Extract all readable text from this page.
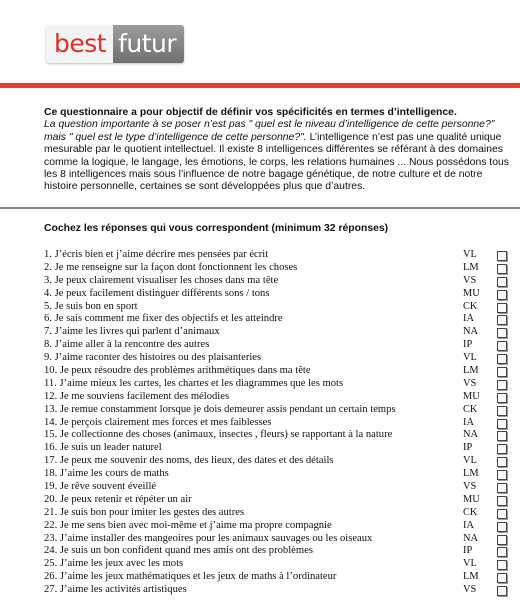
best futur

Ce questionnaire a pour objectif de définir vos spécificités en termes d’intelligence.

La question importante à se poser n’est pas " quel est le niveau d’intelligence de cette personne?" mais " quel est le type d’intelligence de cette personne?". L’intelligence n’est pas une qualité unique mesurable par le quotient intellectuel. Il existe 8 intelligences différentes se référant à des domaines comme la logique, le langage, les émotions, le corps, les relations humaines ... Nous possédons tous les 8 intelligences mais sous l’influence de notre bagage génétique, de notre culture et de notre histoire personnelle, certaines se sont développées plus que d’autres.

Cochez les réponses qui vous correspondent (minimum 32 réponses)
1. J’écris bien et j’aime décrire mes pensées par écrit	VL
2. Je me renseigne sur la façon dont fonctionnent les choses	LM
3. Je peux clairement visualiser les choses dans ma tête	VS
4. Je peux facilement distinguer différents sons / tons	MU
5. Je suis bon en sport	CK
6. Je sais comment me fixer des objectifs et les atteindre	IA
7. J’aime les livres qui parlent d’animaux	NA
8. J’aime aller à la rencontre des autres	IP
9. J’aime raconter des histoires ou des plaisanteries	VL
10. Je peux résoudre des problèmes arithmétiques dans ma tête	LM
11. J’aime mieux les cartes, les chartes et les diagrammes que les mots	VS
12. Je me souviens facilement des mélodies	MU
13. Je remue constamment lorsque je dois demeurer assis pendant un certain temps	CK
14. Je perçois clairement mes forces et mes faiblesses	IA
15. Je collectionne des choses (animaux, insectes , fleurs) se rapportant à la nature	NA
16. Je suis un leader naturel	IP
17. Je peux me souvenir des noms, des lieux, des dates et des détails	VL
18. J’aime les cours de maths	LM
19. Je rêve souvent éveillé	VS
20. Je peux retenir et répéter un air	MU
21. Je suis bon pour imiter les gestes des autres	CK
22. Je me sens bien avec moi-même et j’aime ma propre compagnie	IA
23. J’aime installer des mangeoires pour les animaux sauvages ou les oiseaux	NA
24. Je suis un bon confident quand mes amis ont des problèmes	IP
25. J’aime les jeux avec les mots	VL
26. J’aime les jeux mathématiques et les jeux de maths à l’ordinateur	LM
27. J’aime les activités artistiques	VS
